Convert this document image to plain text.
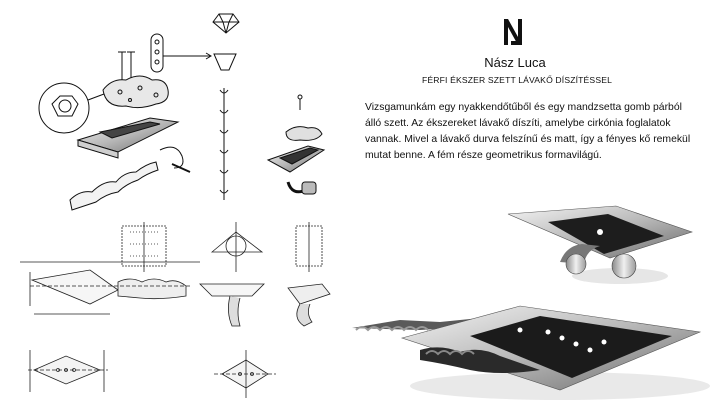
Nász Luca
FÉRFI ÉKSZER SZETT LÁVAKŐ DÍSZÍTÉSSEL
Vizsgamunkám egy nyakkendőtűből és egy mandzsetta gomb párból álló szett. Az ékszereket lávakő díszíti, amelybe cirkónia foglalatok vannak. Mivel a lávakő durva felszínű és matt, így a fényes kő remekül mutat benne. A fém része geometrikus formavilágú.
